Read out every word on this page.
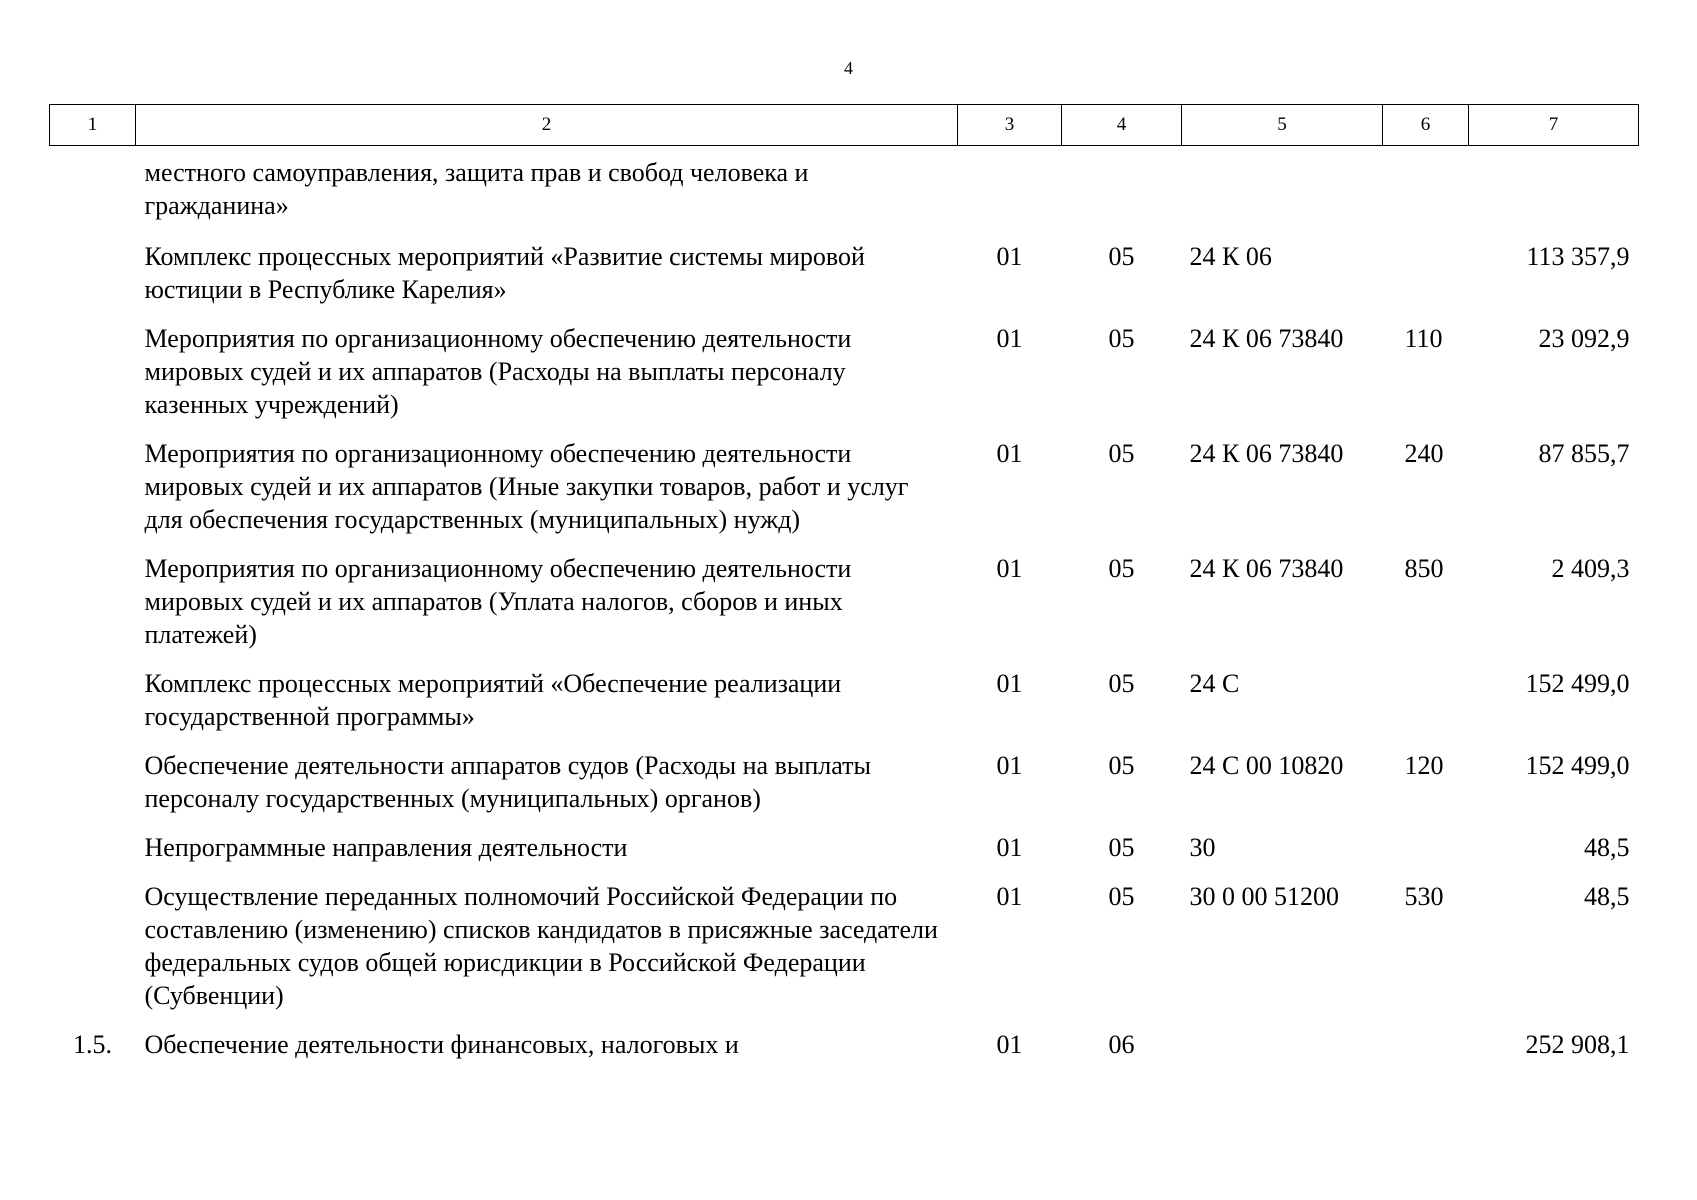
4
1	2	3	4	5	6	7
	местного самоуправления, защита прав и свобод человека и гражданина»					
	Комплекс процессных мероприятий «Развитие системы мировой юстиции в Республике Карелия»	01	05	24 К 06		113 357,9
	Мероприятия по организационному обеспечению деятельности мировых судей и их аппаратов (Расходы на выплаты персоналу казенных учреждений)	01	05	24 К 06 73840	110	23 092,9
	Мероприятия по организационному обеспечению деятельности мировых судей и их аппаратов (Иные закупки товаров, работ и услуг для обеспечения государственных (муниципальных) нужд)	01	05	24 К 06 73840	240	87 855,7
	Мероприятия по организационному обеспечению деятельности мировых судей и их аппаратов (Уплата налогов, сборов и иных платежей)	01	05	24 К 06 73840	850	2 409,3
	Комплекс процессных мероприятий «Обеспечение реализации государственной программы»	01	05	24 С		152 499,0
	Обеспечение деятельности аппаратов судов (Расходы на выплаты персоналу государственных (муниципальных) органов)	01	05	24 С 00 10820	120	152 499,0
	Непрограммные направления деятельности	01	05	30		48,5
	Осуществление переданных полномочий Российской Федерации по составлению (изменению) списков кандидатов в присяжные заседатели федеральных судов общей юрисдикции в Российской Федерации (Субвенции)	01	05	30 0 00 51200	530	48,5
1.5.	Обеспечение деятельности финансовых, налоговых и	01	06			252 908,1
